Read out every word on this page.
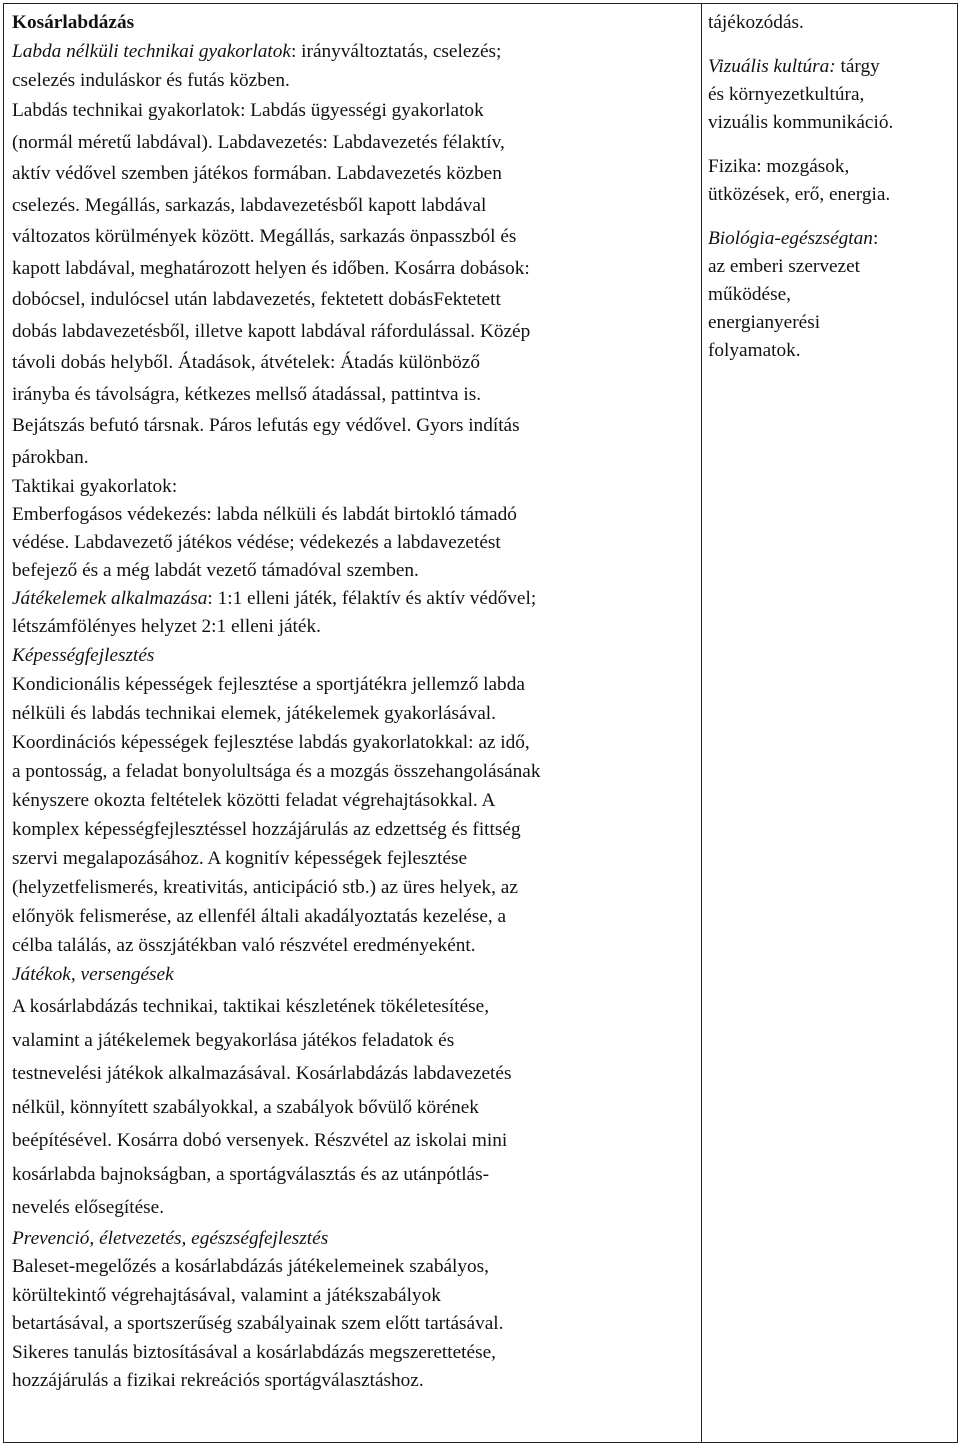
Kosárlabdázás
Labda nélküli technikai gyakorlatok: irányváltoztatás, cselezés;
cselezés induláskor és futás közben.
Labdás technikai gyakorlatok: Labdás ügyességi gyakorlatok
(normál méretű labdával). Labdavezetés: Labdavezetés félaktív,
aktív védővel szemben játékos formában. Labdavezetés közben
cselezés. Megállás, sarkazás, labdavezetésből kapott labdával
változatos körülmények között. Megállás, sarkazás önpasszból és
kapott labdával, meghatározott helyen és időben. Kosárra dobások:
dobócsel, indulócsel után labdavezetés, fektetett dobásFektetett
dobás labdavezetésből, illetve kapott labdával ráfordulással. Közép
távoli dobás helyből. Átadások, átvételek: Átadás különböző
irányba és távolságra, kétkezes mellső átadással, pattintva is.
Bejátszás befutó társnak. Páros lefutás egy védővel. Gyors indítás
párokban.
Taktikai gyakorlatok:
Emberfogásos védekezés: labda nélküli és labdát birtokló támadó
védése. Labdavezető játékos védése; védekezés a labdavezetést
befejező és a még labdát vezető támadóval szemben.
Játékelemek alkalmazása: 1:1 elleni játék, félaktív és aktív védővel;
létszámfölényes helyzet 2:1 elleni játék.
Képességfejlesztés
Kondicionális képességek fejlesztése a sportjátékra jellemző labda
nélküli és labdás technikai elemek, játékelemek gyakorlásával.
Koordinációs képességek fejlesztése labdás gyakorlatokkal: az idő,
a pontosság, a feladat bonyolultsága és a mozgás összehangolásának
kényszere okozta feltételek közötti feladat végrehajtásokkal. A
komplex képességfejlesztéssel hozzájárulás az edzettség és fittség
szervi megalapozásához. A kognitív képességek fejlesztése
(helyzetfelismerés, kreativitás, anticipáció stb.) az üres helyek, az
előnyök felismerése, az ellenfél általi akadályoztatás kezelése, a
célba találás, az összjátékban való részvétel eredményeként.
Játékok, versengések
A kosárlabdázás technikai, taktikai készletének tökéletesítése,
valamint a játékelemek begyakorlása játékos feladatok és
testnevelési játékok alkalmazásával. Kosárlabdázás labdavezetés
nélkül, könnyített szabályokkal, a szabályok bővülő körének
beépítésével. Kosárra dobó versenyek. Részvétel az iskolai mini
kosárlabda bajnokságban, a sportágválasztás és az utánpótlás-
nevelés elősegítése.
Prevenció, életvezetés, egészségfejlesztés
Baleset-megelőzés a kosárlabdázás játékelemeinek szabályos,
körültekintő végrehajtásával, valamint a játékszabályok
betartásával, a sportszerűség szabályainak szem előtt tartásával.
Sikeres tanulás biztosításával a kosárlabdázás megszerettetése,
hozzájárulás a fizikai rekreációs sportágválasztáshoz.
tájékozódás.
Vizuális kultúra: tárgy
és környezetkultúra,
vizuális kommunikáció.
Fizika: mozgások,
ütközések, erő, energia.
Biológia-egészségtan:
az emberi szervezet
működése,
energianyerési
folyamatok.
